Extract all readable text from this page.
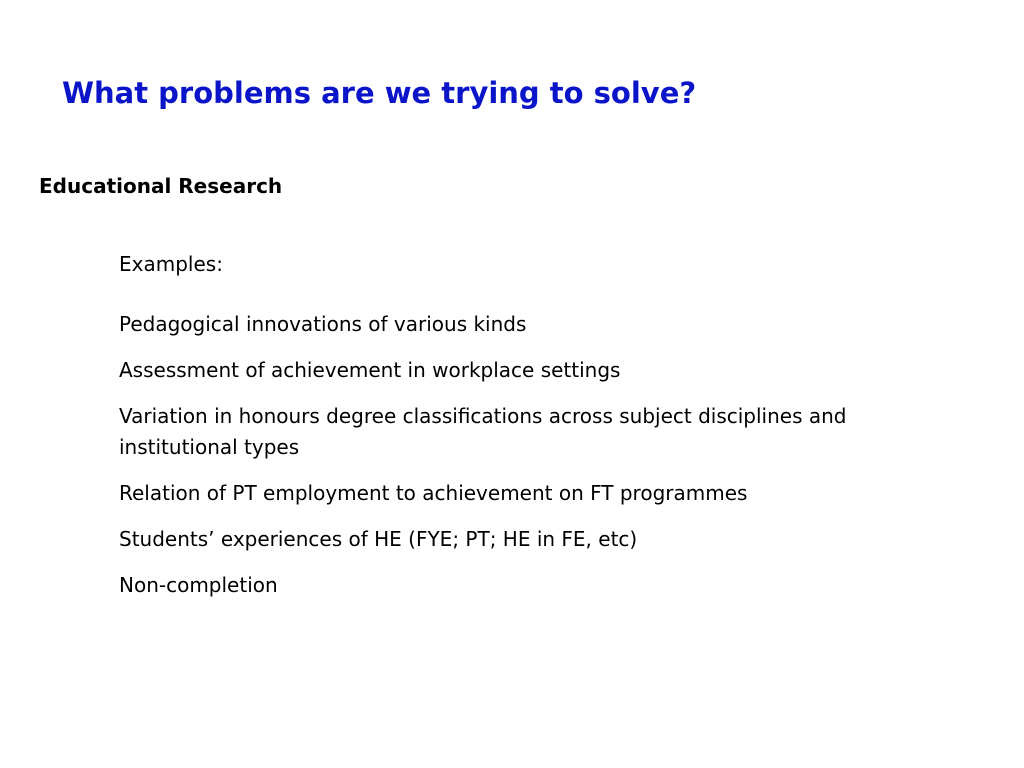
What problems are we trying to solve?
Educational Research

Examples:

Pedagogical innovations of various kinds
Assessment of achievement in workplace settings
Variation in honours degree classifications across subject disciplines and institutional types
Relation of PT employment to achievement on FT programmes
Students’ experiences of HE (FYE; PT; HE in FE, etc)
Non-completion
